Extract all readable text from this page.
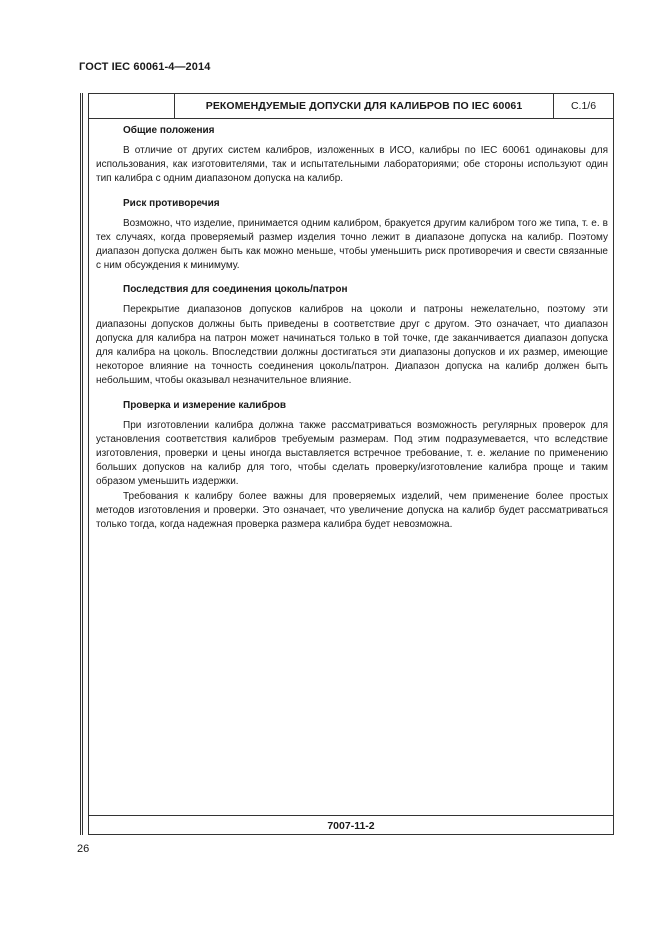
ГОСТ IEC 60061-4—2014
РЕКОМЕНДУЕМЫЕ ДОПУСКИ ДЛЯ КАЛИБРОВ ПО IEC 60061	С.1/6
Общие положения

В отличие от других систем калибров, изложенных в ИСО, калибры по IEC 60061 одинаковы для использования, как изготовителями, так и испытательными лабораториями; обе стороны используют один тип калибра с одним диапазоном допуска на калибр.

Риск противоречия

Возможно, что изделие, принимается одним калибром, бракуется другим калибром того же типа, т. е. в тех случаях, когда проверяемый размер изделия точно лежит в диапазоне допуска на калибр. Поэтому диапазон допуска должен быть как можно меньше, чтобы уменьшить риск противоречия и свести связанные с ним обсуждения к минимуму.

Последствия для соединения цоколь/патрон

Перекрытие диапазонов допусков калибров на цоколи и патроны нежелательно, поэтому эти диапазоны допусков должны быть приведены в соответствие друг с другом. Это означает, что диапазон допуска для калибра на патрон может начинаться только в той точке, где заканчивается диапазон допуска для калибра на цоколь. Впоследствии должны достигаться эти диапазоны допусков и их размер, имеющие некоторое влияние на точность соединения цоколь/патрон. Диапазон допуска на калибр должен быть небольшим, чтобы оказывал незначительное влияние.

Проверка и измерение калибров

При изготовлении калибра должна также рассматриваться возможность регулярных проверок для установления соответствия калибров требуемым размерам. Под этим подразумевается, что вследствие изготовления, проверки и цены иногда выставляется встречное требование, т. е. желание по применению больших допусков на калибр для того, чтобы сделать проверку/изготовление калибра проще и таким образом уменьшить издержки.

Требования к калибру более важны для проверяемых изделий, чем применение более простых методов изготовления и проверки. Это означает, что увеличение допуска на калибр будет рассматриваться только тогда, когда надежная проверка размера калибра будет невозможна.

7007-11-2
26
